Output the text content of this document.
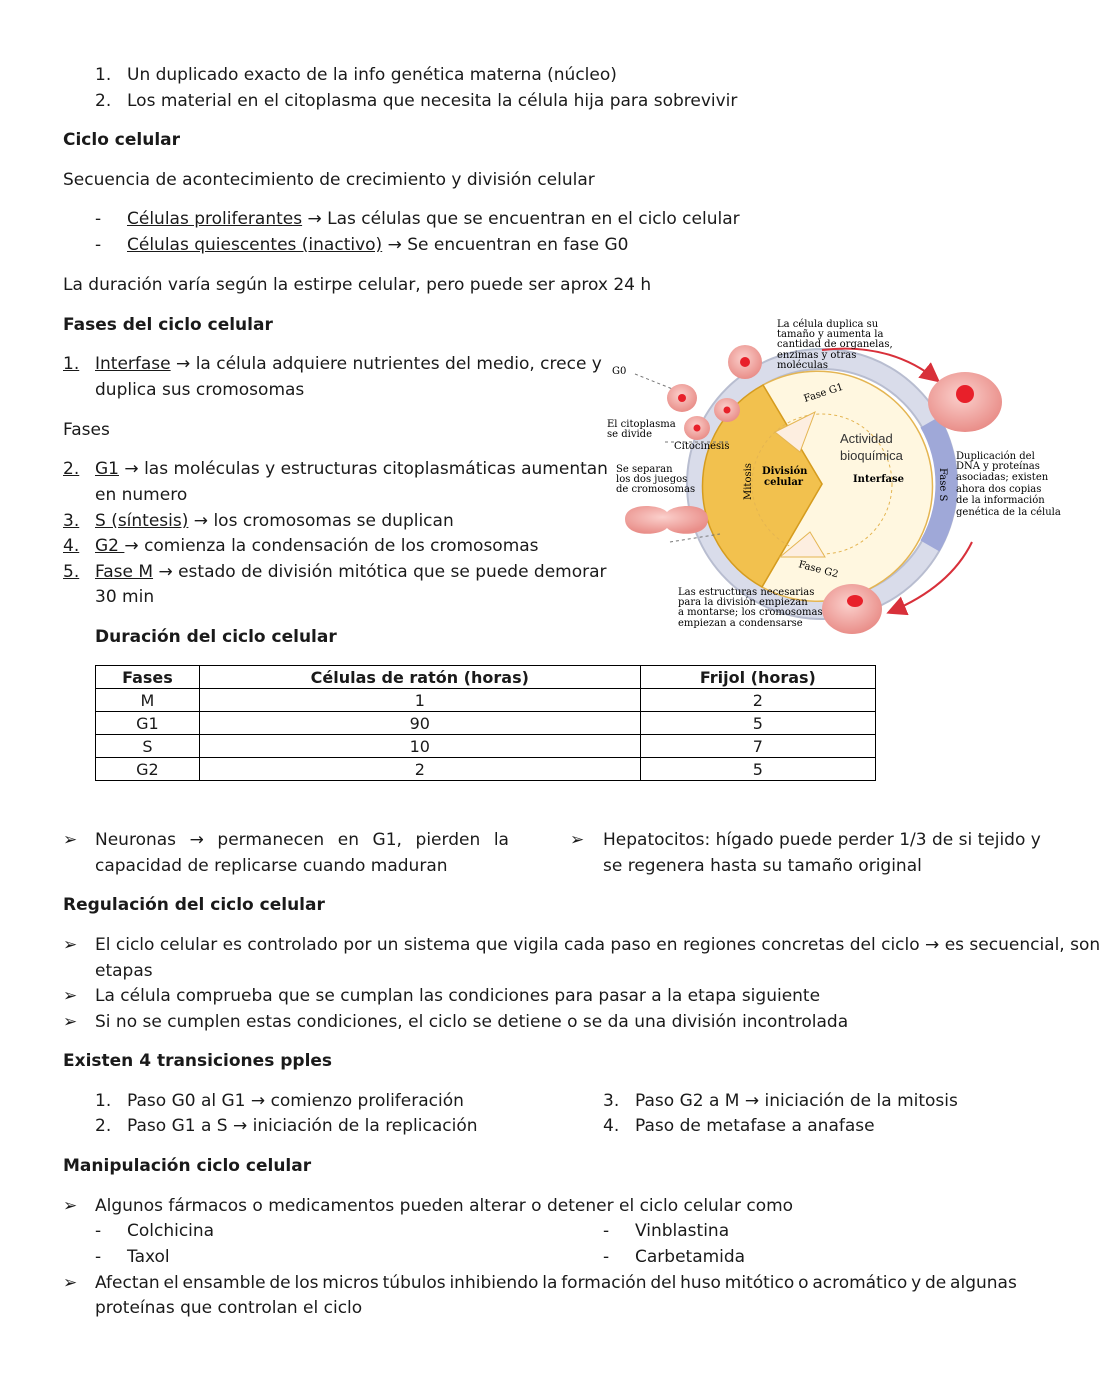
1. Un duplicado exacto de la info genética materna (núcleo)
2. Los material en el citoplasma que necesita la célula hija para sobrevivir
Ciclo celular
Secuencia de acontecimiento de crecimiento y división celular
- Células proliferantes → Las células que se encuentran en el ciclo celular
- Células quiescentes (inactivo) → Se encuentran en fase G0
La duración varía según la estirpe celular, pero puede ser aprox 24 h
Fases del ciclo celular
1. Interfase → la célula adquiere nutrientes del medio, crece y
duplica sus cromosomas
Fases
2. G1 → las moléculas y estructuras citoplasmáticas aumentan
en numero
3. S (síntesis) → los cromosomas se duplican
4. G2 → comienza la condensación de los cromosomas
5. Fase M → estado de división mitótica que se puede demorar
30 min
Duración del ciclo celular
G0
La célula duplica su
tamaño y aumenta la
cantidad de organelas,
enzimas y otras
moléculas
Fase G1
El citoplasma
se divide
Citocinesis
Actividad
bioquímica
Se separan
los dos juegos
de cromosomas	Mitosis División
celular	Interfase	Fase S
Duplicación del
DNA y proteínas
asociadas; existen
ahora dos copias
de la información
genética de la célula
Fase G2
Las estructuras necesarias
para la división empiezan
a montarse; los cromosomas
empiezan a condensarse
Fases	Células de ratón (horas)	Frijol (horas)
M	1	2
G1	90	5
S	10	7
G2	2	5
➢ Neuronas → permanecen en G1, pierden la
capacidad de replicarse cuando maduran
➢ Hepatocitos: hígado puede perder 1/3 de si tejido y
se regenera hasta su tamaño original
Regulación del ciclo celular
➢ El ciclo celular es controlado por un sistema que vigila cada paso en regiones concretas del ciclo → es secuencial, son
etapas
➢ La célula comprueba que se cumplan las condiciones para pasar a la etapa siguiente
➢ Si no se cumplen estas condiciones, el ciclo se detiene o se da una división incontrolada
Existen 4 transiciones pples
1. Paso G0 al G1 → comienzo proliferación
2. Paso G1 a S → iniciación de la replicación
3. Paso G2 a M → iniciación de la mitosis
4. Paso de metafase a anafase
Manipulación ciclo celular
➢ Algunos fármacos o medicamentos pueden alterar o detener el ciclo celular como
- Colchicina	- Vinblastina
- Taxol	- Carbetamida
➢ Afectan el ensamble de los micros túbulos inhibiendo la formación del huso mitótico o acromático y de algunas
proteínas que controlan el ciclo
